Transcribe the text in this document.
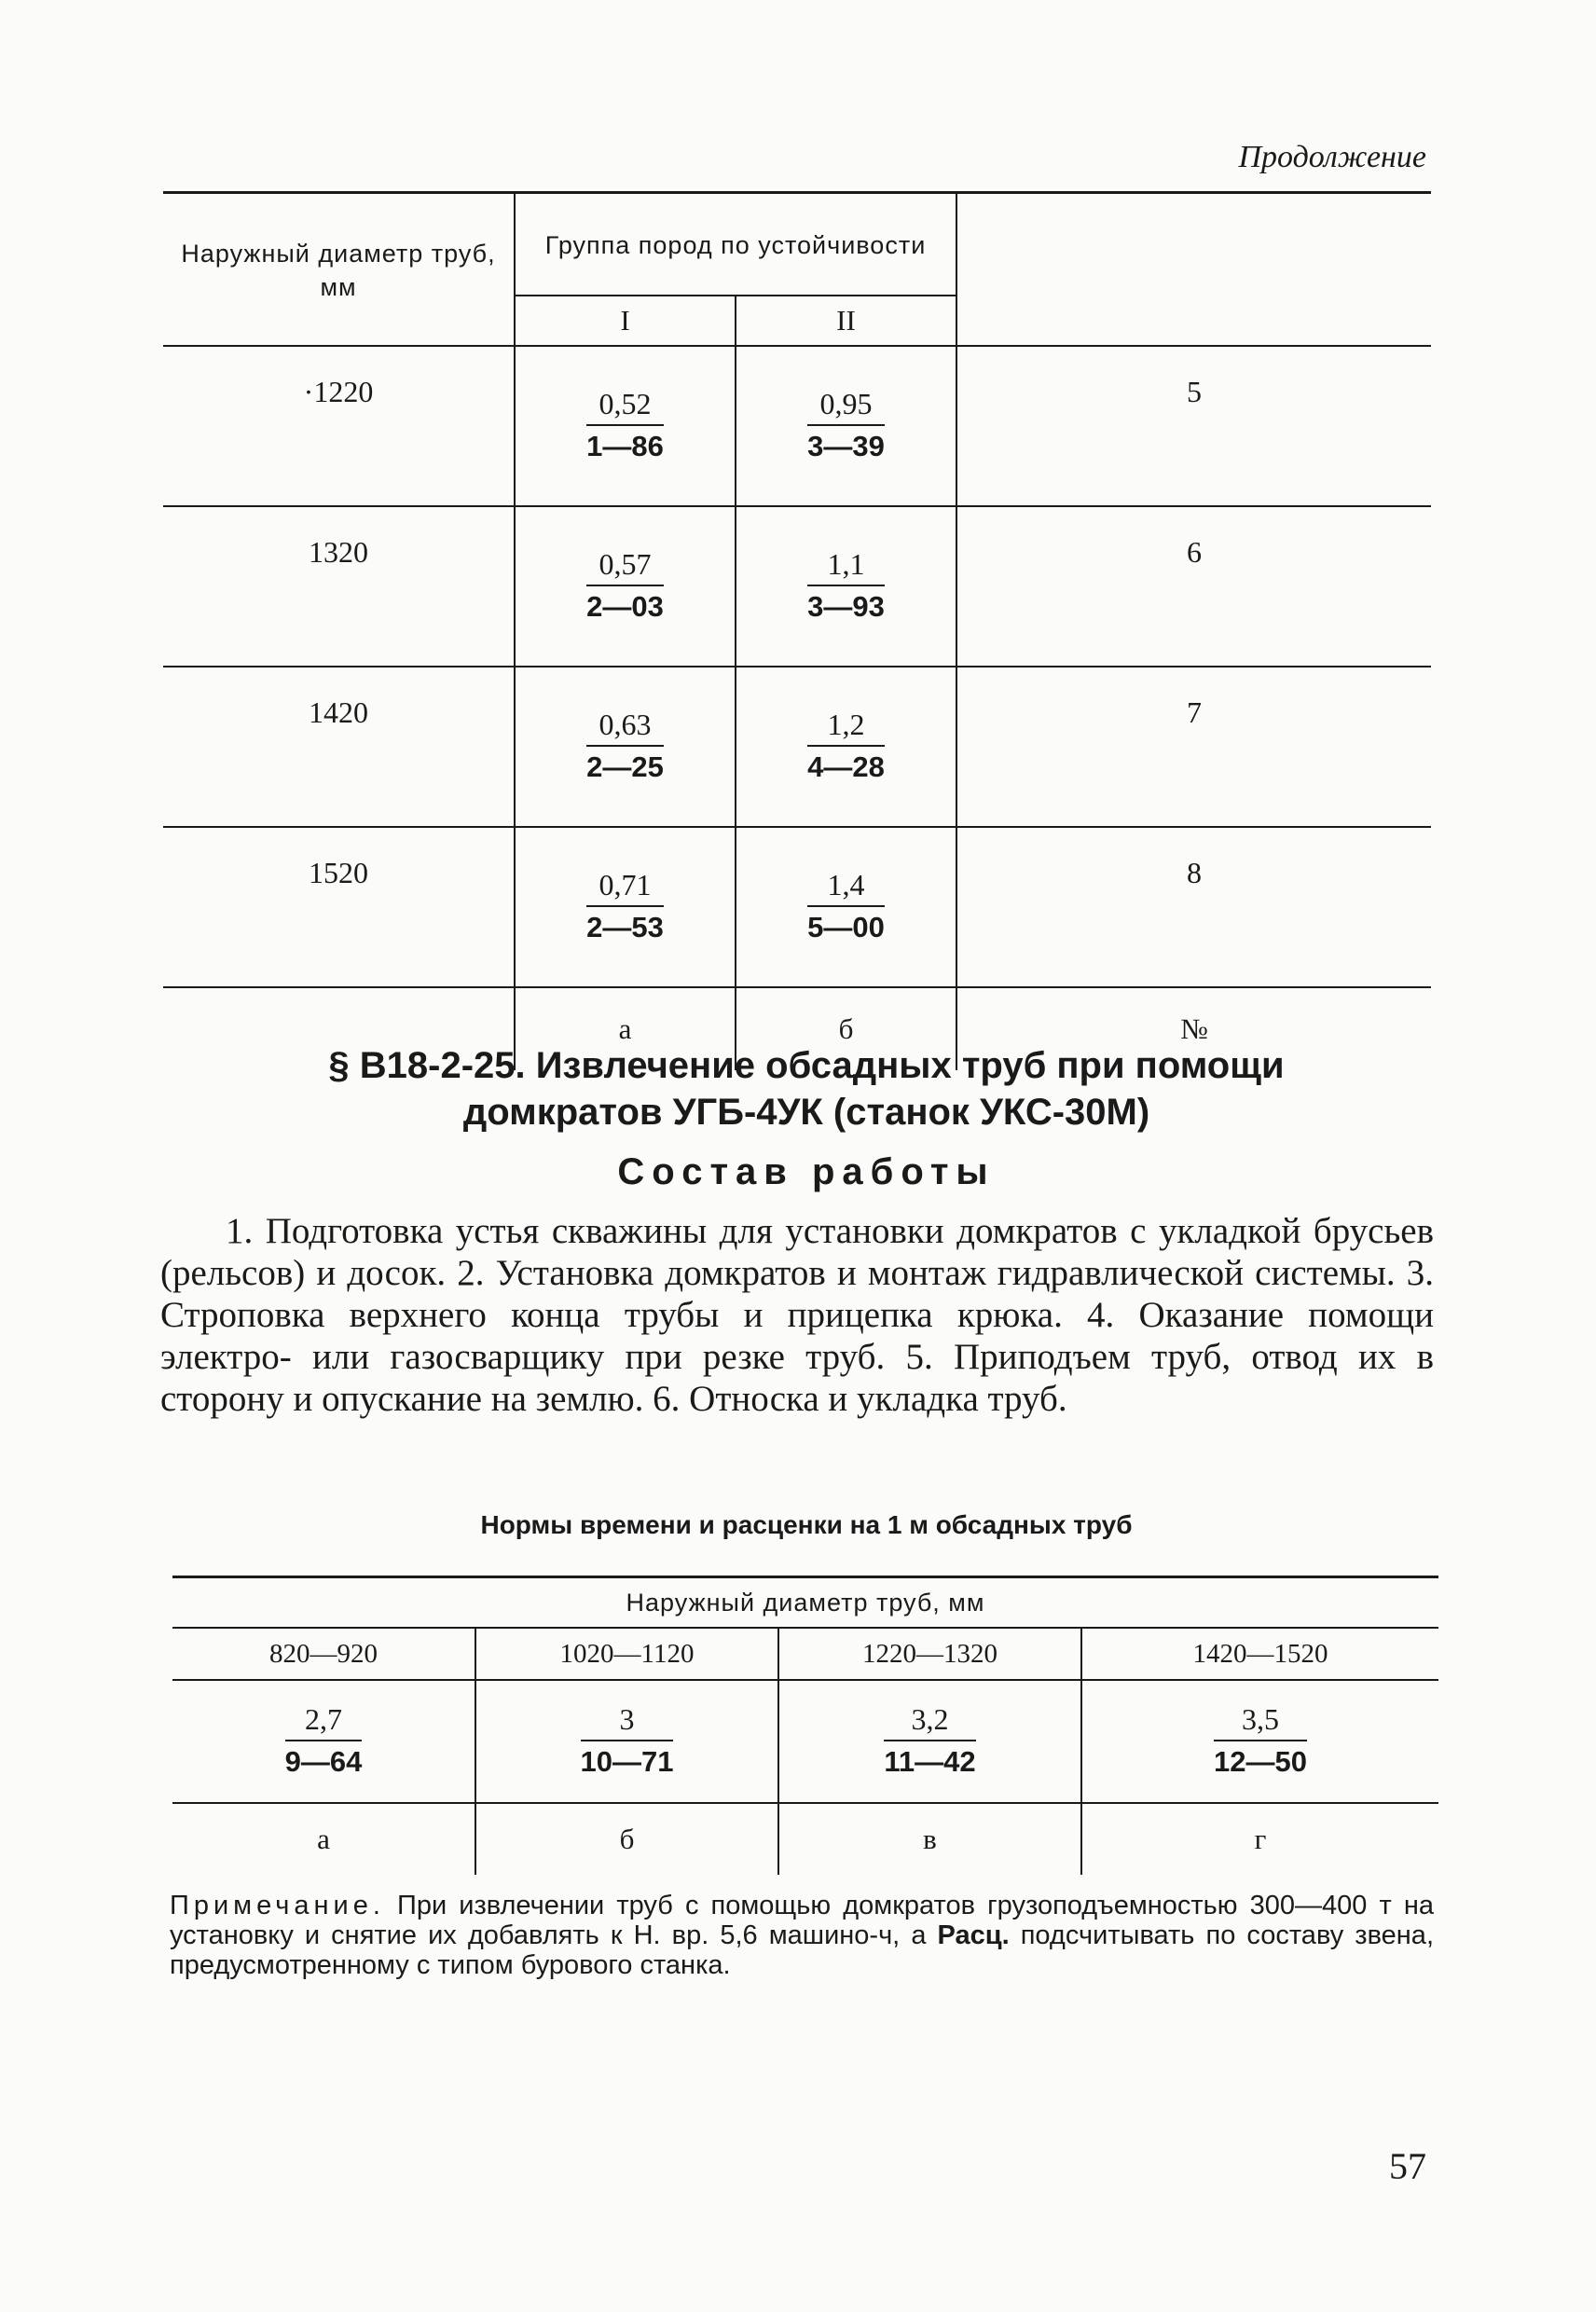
Продолжение
Наружный диаметр труб, мм	Группа пород по устойчивости		
	I	II	
·1220	$\frac{0,52}{1—86}$	$\frac{0,95}{3—39}$	5
1320	$\frac{0,57}{2—03}$	$\frac{1,1}{3—93}$	6
1420	$\frac{0,63}{2—25}$	$\frac{1,2}{4—28}$	7
1520	$\frac{0,71}{2—53}$	$\frac{1,4}{5—00}$	8
	а	б	№
§ В18-2-25. Извлечение обсадных труб при помощи домкратов УГБ-4УК (станок УКС-30М)
Состав работы
1. Подготовка устья скважины для установки домкратов с укладкой брусьев (рельсов) и досок. 2. Установка домкратов и монтаж гидравлической системы. 3. Строповка верхнего конца трубы и прицепка крюка. 4. Оказание помощи электро- или газосварщику при резке труб. 5. Приподъем труб, отвод их в сторону и опускание на землю. 6. Относка и укладка труб.
Нормы времени и расценки на 1 м обсадных труб
Наружный диаметр труб, мм			
820—920	1020—1120	1220—1320	1420—1520

$\frac{2,7}{9—64}$	$\frac{3}{10—71}$	$\frac{3,2}{11—42}$	$\frac{3,5}{12—50}$

а	б	в	г
Примечание. При извлечении труб с помощью домкратов грузоподъемностью 300—400 т на установку и снятие их добавлять к Н. вр. 5,6 машино-ч, а Расц. подсчитывать по составу звена, предусмотренному с типом бурового станка.
57
